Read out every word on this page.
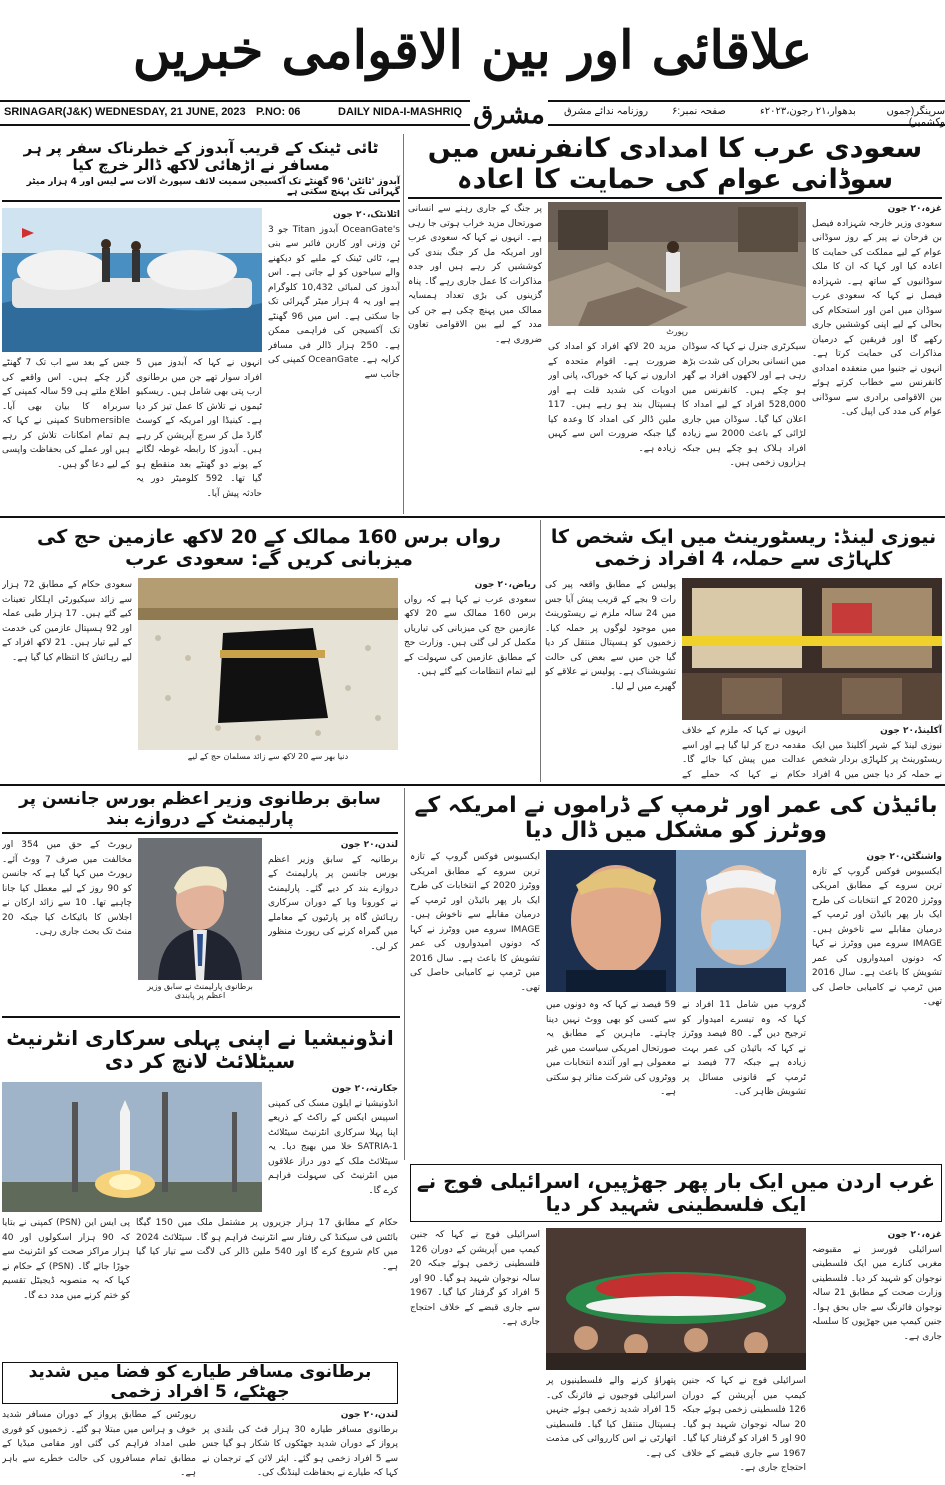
علاقائی اور بین الاقوامی خبریں
SRINAGAR(J&K) WEDNESDAY, 21 JUNE, 2023 P.NO: 06	DAILY NIDA-I-MASHRIQ مشرق روزنامہ ندائے مشرق صفحہ نمبر:۶	بدھوار،۲۱ رجون،۲۰۲۳ء	سرینگر(جموں وکشمیر)
سعودی عرب کا امدادی کانفرنس میں سوڈانی عوام کی حمایت کا اعادہ
غزہ،۲۰ جون
سعودی وزیر خارجہ شہزادہ فیصل بن فرحان نے پیر کے روز سوڈانی عوام کے لیے مملکت کی حمایت کا اعادہ کیا اور کہا کہ ان کا ملک سوڈانیوں کے ساتھ ہے۔ شہزادہ فیصل نے کہا کہ سعودی عرب سوڈان میں امن اور استحکام کی بحالی کے لیے اپنی کوششیں جاری رکھے گا اور فریقین کے درمیان مذاکرات کی حمایت کرتا ہے۔ انہوں نے جنیوا میں منعقدہ امدادی کانفرنس سے خطاب کرتے ہوئے بین الاقوامی برادری سے سوڈانی عوام کی مدد کی اپیل کی۔
رپورٹ
سیکرٹری جنرل نے کہا کہ سوڈان میں انسانی بحران کی شدت بڑھ رہی ہے اور لاکھوں افراد بے گھر ہو چکے ہیں۔ کانفرنس میں 528,000 افراد کے لیے امداد کا اعلان کیا گیا۔ سوڈان میں جاری لڑائی کے باعث 2000 سے زیادہ افراد ہلاک ہو چکے ہیں جبکہ ہزاروں زخمی ہیں۔
مزید 20 لاکھ افراد کو امداد کی ضرورت ہے۔ اقوام متحدہ کے اداروں نے کہا کہ خوراک، پانی اور ادویات کی شدید قلت ہے اور ہسپتال بند ہو رہے ہیں۔ 117 ملین ڈالر کی امداد کا وعدہ کیا گیا جبکہ ضرورت اس سے کہیں زیادہ ہے۔
پر جنگ کے جاری رہنے سے انسانی صورتحال مزید خراب ہوتی جا رہی ہے۔ انہوں نے کہا کہ سعودی عرب اور امریکہ مل کر جنگ بندی کی کوششیں کر رہے ہیں اور جدہ مذاکرات کا عمل جاری رہے گا۔ پناہ گزینوں کی بڑی تعداد ہمسایہ ممالک میں پہنچ چکی ہے جن کی مدد کے لیے بین الاقوامی تعاون ضروری ہے۔
ٹائی ٹینک کے قریب آبدوز کے خطرناک سفر پر ہر مسافر نے اڑھائی لاکھ ڈالر خرچ کیا
آبدوز 'ٹائٹن' 96 گھنٹے تک آکسیجن سمیت لائف سپورٹ آلات سے لیس اور 4 ہزار میٹر گہرائی تک پہنچ سکتی ہے
اٹلانٹک،۲۰ جون
OceanGate's آبدوز Titan جو 3 ٹن وزنی اور کاربن فائبر سے بنی ہے، ٹائی ٹینک کے ملبے کو دیکھنے والے سیاحوں کو لے جاتی ہے۔ اس آبدوز کی لمبائی 10,432 کلوگرام ہے اور یہ 4 ہزار میٹر گہرائی تک جا سکتی ہے۔ اس میں 96 گھنٹے تک آکسیجن کی فراہمی ممکن ہے۔ 250 ہزار ڈالر فی مسافر کرایہ ہے۔ OceanGate کمپنی کی جانب سے
انہوں نے کہا کہ آبدوز میں 5 افراد سوار تھے جن میں برطانوی ارب پتی بھی شامل ہیں۔ ریسکیو ٹیموں نے تلاش کا عمل تیز کر دیا ہے۔ کینیڈا اور امریکہ کے کوسٹ گارڈ مل کر سرچ آپریشن کر رہے ہیں۔ آبدوز کا رابطہ غوطہ لگانے کے پونے دو گھنٹے بعد منقطع ہو گیا تھا۔ 592 کلومیٹر دور یہ حادثہ پیش آیا۔
جس کے بعد سے اب تک 7 گھنٹے گزر چکے ہیں۔ اس واقعے کی اطلاع ملتے ہی 59 سالہ کمپنی کے سربراہ کا بیان بھی آیا۔ Submersible کمپنی نے کہا کہ ہم تمام امکانات تلاش کر رہے ہیں اور عملے کی بحفاظت واپسی کے لیے دعا گو ہیں۔
نیوزی لینڈ: ریسٹورینٹ میں ایک شخص کا کلہاڑی سے حملہ، 4 افراد زخمی
آکلینڈ،۲۰ جون
نیوزی لینڈ کے شہر آکلینڈ میں ایک ریسٹورینٹ پر کلہاڑی بردار شخص نے حملہ کر دیا جس میں 4 افراد
انہوں نے کہا کہ ملزم کے خلاف مقدمہ درج کر لیا گیا ہے اور اسے عدالت میں پیش کیا جائے گا۔ حکام نے کہا کہ حملے کے
پولیس کے مطابق واقعہ پیر کی رات 9 بجے کے قریب پیش آیا جس میں 24 سالہ ملزم نے ریسٹورینٹ میں موجود لوگوں پر حملہ کیا۔ زخمیوں کو ہسپتال منتقل کر دیا گیا جن میں سے بعض کی حالت تشویشناک ہے۔ پولیس نے علاقے کو گھیرے میں لے لیا۔
رواں برس 160 ممالک کے 20 لاکھ عازمین حج کی میزبانی کریں گے: سعودی عرب
ریاض،۲۰ جون
سعودی عرب نے کہا ہے کہ رواں برس 160 ممالک سے 20 لاکھ عازمین حج کی میزبانی کی تیاریاں مکمل کر لی گئی ہیں۔ وزارت حج کے مطابق عازمین کی سہولت کے لیے تمام انتظامات کیے گئے ہیں۔
دنیا بھر سے 20 لاکھ سے زائد مسلمان حج کے لیے
سعودی حکام کے مطابق 72 ہزار سے زائد سیکیورٹی اہلکار تعینات کیے گئے ہیں۔ 17 ہزار طبی عملہ اور 92 ہسپتال عازمین کی خدمت کے لیے تیار ہیں۔ 21 لاکھ افراد کے لیے رہائش کا انتظام کیا گیا ہے۔
بائیڈن کی عمر اور ٹرمپ کے ڈراموں نے امریکہ کے ووٹرز کو مشکل میں ڈال دیا
واشنگٹن،۲۰ جون
ایکسیوس فوکس گروپ کے تازہ ترین سروے کے مطابق امریکی ووٹرز 2020 کے انتخابات کی طرح ایک بار پھر بائیڈن اور ٹرمپ کے درمیان مقابلے سے ناخوش ہیں۔ IMAGE سروے میں ووٹرز نے کہا کہ دونوں امیدواروں کی عمر تشویش کا باعث ہے۔ سال 2016 میں ٹرمپ نے کامیابی حاصل کی تھی۔
گروپ میں شامل 11 افراد نے کہا کہ وہ تیسرے امیدوار کو ترجیح دیں گے۔ 80 فیصد ووٹرز نے کہا کہ بائیڈن کی عمر بہت زیادہ ہے جبکہ 77 فیصد نے ٹرمپ کے قانونی مسائل پر تشویش ظاہر کی۔
59 فیصد نے کہا کہ وہ دونوں میں سے کسی کو بھی ووٹ نہیں دینا چاہتے۔ ماہرین کے مطابق یہ صورتحال امریکی سیاست میں غیر معمولی ہے اور آئندہ انتخابات میں ووٹروں کی شرکت متاثر ہو سکتی ہے۔
ایکسیوس فوکس گروپ کے تازہ ترین سروے کے مطابق امریکی ووٹرز 2020 کے انتخابات کی طرح ایک بار پھر بائیڈن اور ٹرمپ کے درمیان مقابلے سے ناخوش ہیں۔ IMAGE سروے میں ووٹرز نے کہا کہ دونوں امیدواروں کی عمر تشویش کا باعث ہے۔ سال 2016 میں ٹرمپ نے کامیابی حاصل کی تھی۔
سابق برطانوی وزیر اعظم بورس جانسن پر پارلیمنٹ کے دروازے بند
لندن،۲۰ جون
برطانیہ کے سابق وزیر اعظم بورس جانسن پر پارلیمنٹ کے دروازے بند کر دیے گئے۔ پارلیمنٹ نے کورونا وبا کے دوران سرکاری رہائش گاہ پر پارٹیوں کے معاملے میں گمراہ کرنے کی رپورٹ منظور کر لی۔
برطانوی پارلیمنٹ نے سابق وزیر اعظم پر پابندی
رپورٹ کے حق میں 354 اور مخالفت میں صرف 7 ووٹ آئے۔ رپورٹ میں کہا گیا ہے کہ جانسن کو 90 روز کے لیے معطل کیا جانا چاہیے تھا۔ 10 سے زائد ارکان نے اجلاس کا بائیکاٹ کیا جبکہ 20 منٹ تک بحث جاری رہی۔
انڈونیشیا نے اپنی پہلی سرکاری انٹرنیٹ سیٹلائٹ لانچ کر دی
جکارتہ،۲۰ جون
انڈونیشیا نے ایلون مسک کی کمپنی اسپیس ایکس کے راکٹ کے ذریعے اپنا پہلا سرکاری انٹرنیٹ سیٹلائٹ SATRIA-1 خلا میں بھیج دیا۔ یہ سیٹلائٹ ملک کے دور دراز علاقوں میں انٹرنیٹ کی سہولت فراہم کرے گا۔
حکام کے مطابق 17 ہزار جزیروں پر مشتمل ملک میں 150 گیگا بائٹس فی سیکنڈ کی رفتار سے انٹرنیٹ فراہم ہو گا۔ سیٹلائٹ 2024 میں کام شروع کرے گا اور 540 ملین ڈالر کی لاگت سے تیار کیا گیا ہے۔
پی ایس این (PSN) کمپنی نے بتایا کہ 90 ہزار اسکولوں اور 40 ہزار مراکز صحت کو انٹرنیٹ سے جوڑا جائے گا۔ (PSN) کے حکام نے کہا کہ یہ منصوبہ ڈیجیٹل تقسیم کو ختم کرنے میں مدد دے گا۔
غرب اردن میں ایک بار پھر جھڑپیں، اسرائیلی فوج نے ایک فلسطینی شہید کر دیا
غزہ،۲۰ جون
اسرائیلی فورسز نے مقبوضہ مغربی کنارے میں ایک فلسطینی نوجوان کو شہید کر دیا۔ فلسطینی وزارت صحت کے مطابق 21 سالہ نوجوان فائرنگ سے جاں بحق ہوا۔ جنین کیمپ میں جھڑپوں کا سلسلہ جاری ہے۔
اسرائیلی فوج نے کہا کہ جنین کیمپ میں آپریشن کے دوران 126 فلسطینی زخمی ہوئے جبکہ 20 سالہ نوجوان شہید ہو گیا۔ 90 اور 5 افراد کو گرفتار کیا گیا۔ 1967 سے جاری قبضے کے خلاف احتجاج جاری ہے۔
پتھراؤ کرنے والے فلسطینیوں پر اسرائیلی فوجیوں نے فائرنگ کی۔ 15 افراد شدید زخمی ہوئے جنہیں ہسپتال منتقل کیا گیا۔ فلسطینی اتھارٹی نے اس کارروائی کی مذمت کی ہے۔
اسرائیلی فوج نے کہا کہ جنین کیمپ میں آپریشن کے دوران 126 فلسطینی زخمی ہوئے جبکہ 20 سالہ نوجوان شہید ہو گیا۔ 90 اور 5 افراد کو گرفتار کیا گیا۔ 1967 سے جاری قبضے کے خلاف احتجاج جاری ہے۔
برطانوی مسافر طیارے کو فضا میں شدید جھٹکے، 5 افراد زخمی
لندن،۲۰ جون
برطانوی مسافر طیارہ 30 ہزار فٹ کی بلندی پر پرواز کے دوران شدید جھٹکوں کا شکار ہو گیا جس سے 5 افراد زخمی ہو گئے۔ ایئر لائن کے ترجمان نے کہا کہ طیارے نے بحفاظت لینڈنگ کی۔
رپورٹس کے مطابق پرواز کے دوران مسافر شدید خوف و ہراس میں مبتلا ہو گئے۔ زخمیوں کو فوری طبی امداد فراہم کی گئی اور مقامی میڈیا کے مطابق تمام مسافروں کی حالت خطرے سے باہر ہے۔
